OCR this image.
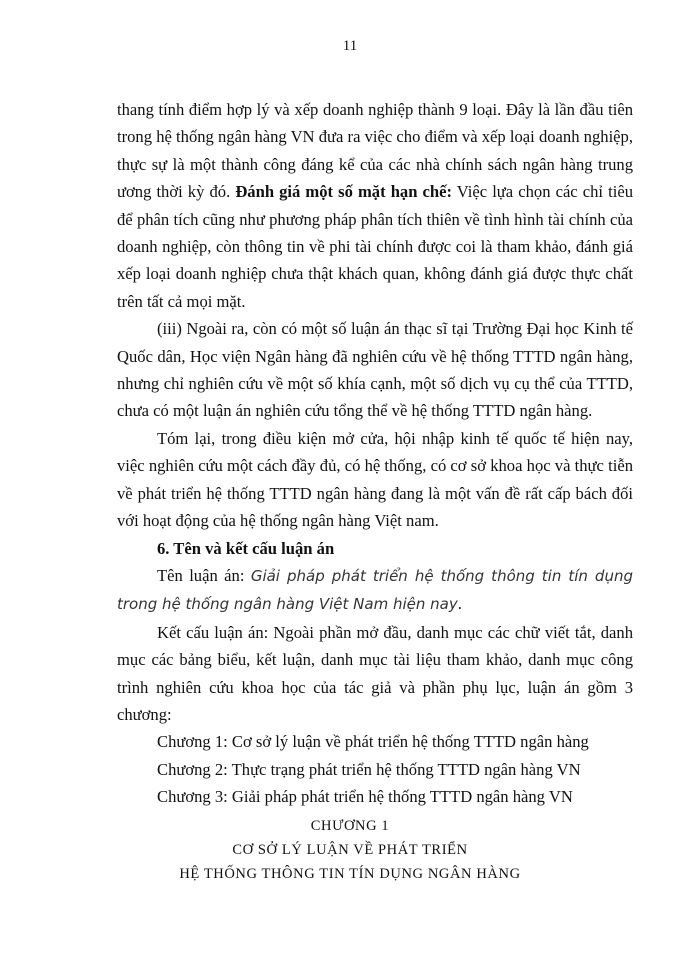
11

thang tính điểm hợp lý và xếp doanh nghiệp thành 9 loại. Đây là lần đầu tiên trong hệ thống ngân hàng VN đưa ra việc cho điểm và xếp loại doanh nghiệp, thực sự là một thành công đáng kể của các nhà chính sách ngân hàng trung ương thời kỳ đó. Đánh giá một số mặt hạn chế: Việc lựa chọn các chỉ tiêu để phân tích cũng như phương pháp phân tích thiên về tình hình tài chính của doanh nghiệp, còn thông tin về phi tài chính được coi là tham khảo, đánh giá xếp loại doanh nghiệp chưa thật khách quan, không đánh giá được thực chất trên tất cả mọi mặt.

(iii) Ngoài ra, còn có một số luận án thạc sĩ tại Trường Đại học Kinh tế Quốc dân, Học viện Ngân hàng đã nghiên cứu về hệ thống TTTD ngân hàng, nhưng chỉ nghiên cứu về một số khía cạnh, một số dịch vụ cụ thể của TTTD, chưa có một luận án nghiên cứu tổng thể về hệ thống TTTD ngân hàng.

Tóm lại, trong điều kiện mở cửa, hội nhập kinh tế quốc tế hiện nay, việc nghiên cứu một cách đầy đủ, có hệ thống, có cơ sở khoa học và thực tiễn về phát triển hệ thống TTTD ngân hàng đang là một vấn đề rất cấp bách đối với hoạt động của hệ thống ngân hàng Việt nam.

6. Tên và kết cấu luận án

Tên luận án: Giải pháp phát triển hệ thống thông tin tín dụng trong hệ thống ngân hàng Việt Nam hiện nay.

Kết cấu luận án: Ngoài phần mở đầu, danh mục các chữ viết tắt, danh mục các bảng biểu, kết luận, danh mục tài liệu tham khảo, danh mục công trình nghiên cứu khoa học của tác giả và phần phụ lục, luận án gồm 3 chương:

Chương 1: Cơ sở lý luận về phát triển hệ thống TTTD ngân hàng

Chương 2: Thực trạng phát triển hệ thống TTTD ngân hàng VN

Chương 3: Giải pháp phát triển hệ thống TTTD ngân hàng VN

CHƯƠNG 1
CƠ SỞ LÝ LUẬN VỀ PHÁT TRIỂN
HỆ THỐNG THÔNG TIN TÍN DỤNG NGÂN HÀNG
